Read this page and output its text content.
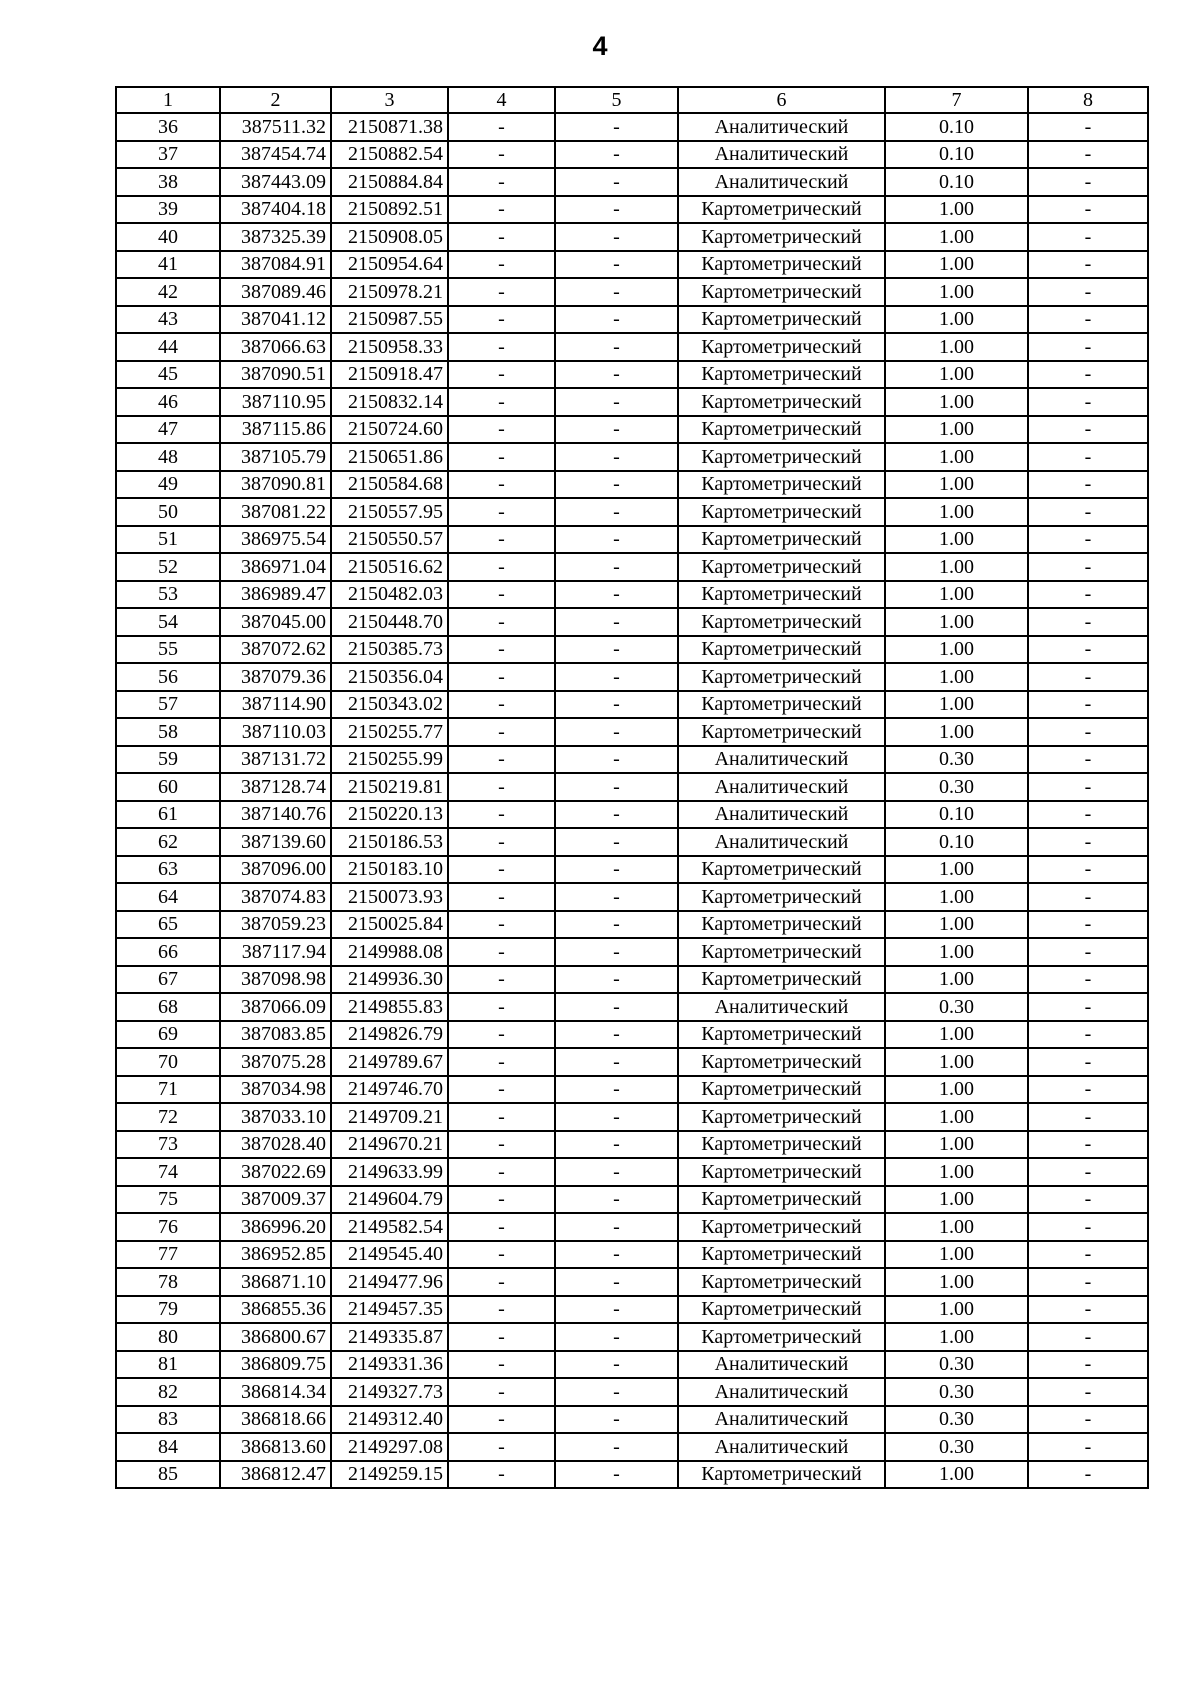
4
1	2	3	4	5	6	7	8
36	387511.32	2150871.38	-	-	Аналитический	0.10	-
37	387454.74	2150882.54	-	-	Аналитический	0.10	-
38	387443.09	2150884.84	-	-	Аналитический	0.10	-
39	387404.18	2150892.51	-	-	Картометрический	1.00	-
40	387325.39	2150908.05	-	-	Картометрический	1.00	-
41	387084.91	2150954.64	-	-	Картометрический	1.00	-
42	387089.46	2150978.21	-	-	Картометрический	1.00	-
43	387041.12	2150987.55	-	-	Картометрический	1.00	-
44	387066.63	2150958.33	-	-	Картометрический	1.00	-
45	387090.51	2150918.47	-	-	Картометрический	1.00	-
46	387110.95	2150832.14	-	-	Картометрический	1.00	-
47	387115.86	2150724.60	-	-	Картометрический	1.00	-
48	387105.79	2150651.86	-	-	Картометрический	1.00	-
49	387090.81	2150584.68	-	-	Картометрический	1.00	-
50	387081.22	2150557.95	-	-	Картометрический	1.00	-
51	386975.54	2150550.57	-	-	Картометрический	1.00	-
52	386971.04	2150516.62	-	-	Картометрический	1.00	-
53	386989.47	2150482.03	-	-	Картометрический	1.00	-
54	387045.00	2150448.70	-	-	Картометрический	1.00	-
55	387072.62	2150385.73	-	-	Картометрический	1.00	-
56	387079.36	2150356.04	-	-	Картометрический	1.00	-
57	387114.90	2150343.02	-	-	Картометрический	1.00	-
58	387110.03	2150255.77	-	-	Картометрический	1.00	-
59	387131.72	2150255.99	-	-	Аналитический	0.30	-
60	387128.74	2150219.81	-	-	Аналитический	0.30	-
61	387140.76	2150220.13	-	-	Аналитический	0.10	-
62	387139.60	2150186.53	-	-	Аналитический	0.10	-
63	387096.00	2150183.10	-	-	Картометрический	1.00	-
64	387074.83	2150073.93	-	-	Картометрический	1.00	-
65	387059.23	2150025.84	-	-	Картометрический	1.00	-
66	387117.94	2149988.08	-	-	Картометрический	1.00	-
67	387098.98	2149936.30	-	-	Картометрический	1.00	-
68	387066.09	2149855.83	-	-	Аналитический	0.30	-
69	387083.85	2149826.79	-	-	Картометрический	1.00	-
70	387075.28	2149789.67	-	-	Картометрический	1.00	-
71	387034.98	2149746.70	-	-	Картометрический	1.00	-
72	387033.10	2149709.21	-	-	Картометрический	1.00	-
73	387028.40	2149670.21	-	-	Картометрический	1.00	-
74	387022.69	2149633.99	-	-	Картометрический	1.00	-
75	387009.37	2149604.79	-	-	Картометрический	1.00	-
76	386996.20	2149582.54	-	-	Картометрический	1.00	-
77	386952.85	2149545.40	-	-	Картометрический	1.00	-
78	386871.10	2149477.96	-	-	Картометрический	1.00	-
79	386855.36	2149457.35	-	-	Картометрический	1.00	-
80	386800.67	2149335.87	-	-	Картометрический	1.00	-
81	386809.75	2149331.36	-	-	Аналитический	0.30	-
82	386814.34	2149327.73	-	-	Аналитический	0.30	-
83	386818.66	2149312.40	-	-	Аналитический	0.30	-
84	386813.60	2149297.08	-	-	Аналитический	0.30	-
85	386812.47	2149259.15	-	-	Картометрический	1.00	-
